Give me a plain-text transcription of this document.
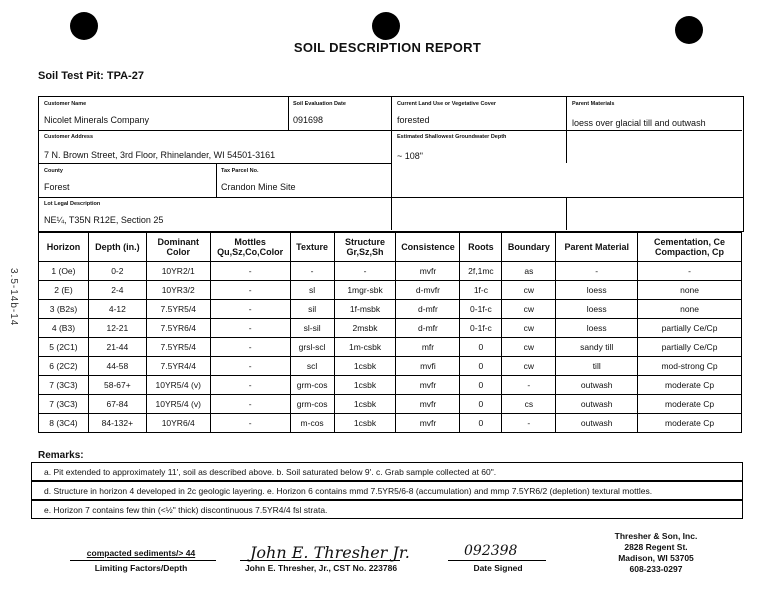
3.5-14b-14
SOIL DESCRIPTION REPORT
Soil Test Pit: TPA-27
Customer Name
Nicolet Minerals Company
Soil Evaluation Date
091698
Current Land Use or Vegetative Cover
forested
Parent Materials
loess over glacial till and outwash
Customer Address
7 N. Brown Street, 3rd Floor, Rhinelander, WI 54501-3161
Estimated Shallowest Groundwater Depth
~ 108"
County
Forest
Tax Parcel No.
Crandon Mine Site
Lot Legal Description
NE¼, T35N R12E, Section 25
Horizon	Depth (in.)	Dominant Color	Mottles Qu,Sz,Co,Color	Texture	Structure Gr,Sz,Sh	Consistence	Roots	Boundary	Parent Material	Cementation, Ce Compaction, Cp
1 (Oe)	0-2	10YR2/1	-	-	-	mvfr	2f,1mc	as	-	-
2 (E)	2-4	10YR3/2	-	sl	1mgr-sbk	d-mvfr	1f-c	cw	loess	none
3 (B2s)	4-12	7.5YR5/4	-	sil	1f-msbk	d-mfr	0-1f-c	cw	loess	none
4 (B3)	12-21	7.5YR6/4	-	sl-sil	2msbk	d-mfr	0-1f-c	cw	loess	partially Ce/Cp
5 (2C1)	21-44	7.5YR5/4	-	grsl-scl	1m-csbk	mfr	0	cw	sandy till	partially Ce/Cp
6 (2C2)	44-58	7.5YR4/4	-	scl	1csbk	mvfi	0	cw	till	mod-strong Cp
7 (3C3)	58-67+	10YR5/4 (v)	-	grm-cos	1csbk	mvfr	0	-	outwash	moderate Cp
7 (3C3)	67-84	10YR5/4 (v)	-	grm-cos	1csbk	mvfr	0	cs	outwash	moderate Cp
8 (3C4)	84-132+	10YR6/4	-	m-cos	1csbk	mvfr	0	-	outwash	moderate Cp
Remarks:
a. Pit extended to approximately 11', soil as described above. b. Soil saturated below 9'. c. Grab sample collected at 60".
d. Structure in horizon 4 developed in 2c geologic layering. e. Horizon 6 contains mmd 7.5YR5/6-8 (accumulation) and mmp 7.5YR6/2 (depletion) textural mottles.
e. Horizon 7 contains few thin (<½" thick) discontinuous 7.5YR4/4 fsl strata.
compacted sediments/> 44
Limiting Factors/Depth
John E. Thresher Jr.
John E. Thresher, Jr., CST No. 223786
092398
Date Signed
Thresher & Son, Inc.
2828 Regent St.
Madison, WI 53705
608-233-0297
